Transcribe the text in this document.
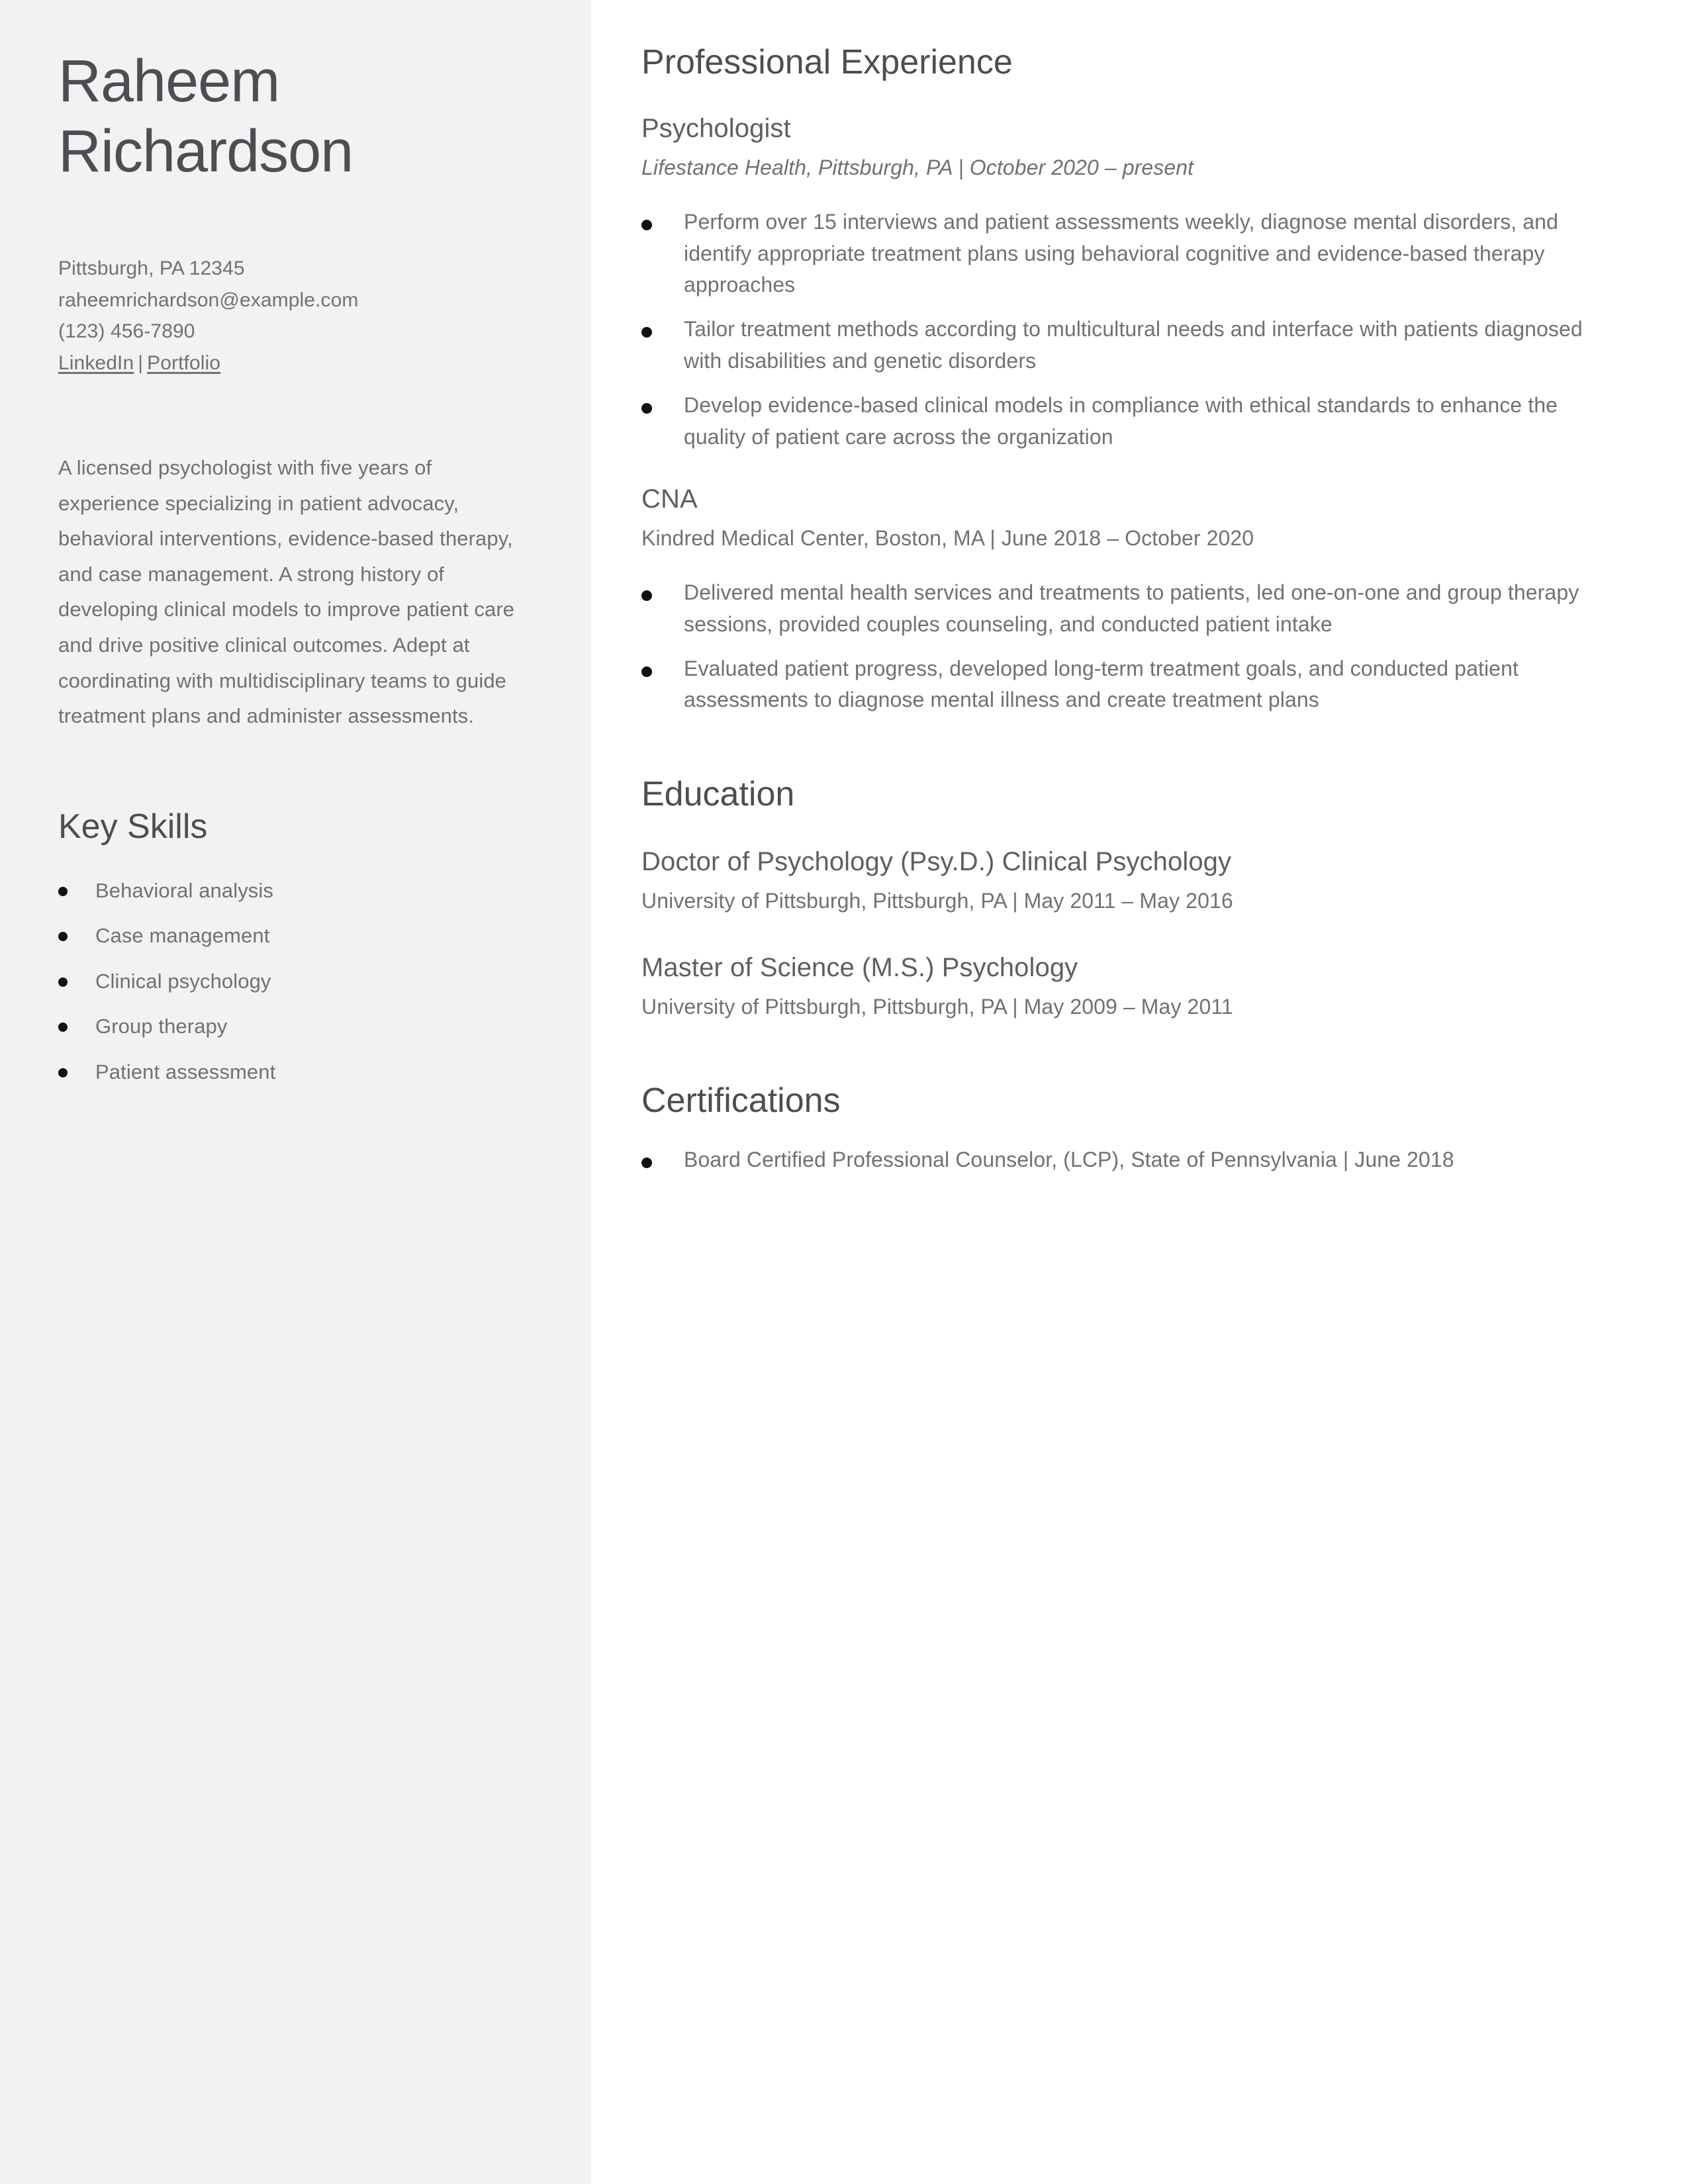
Raheem
Richardson
Pittsburgh, PA 12345
raheemrichardson@example.com
(123) 456-7890
LinkedIn | Portfolio

A licensed psychologist with five years of experience specializing in patient advocacy, behavioral interventions, evidence-based therapy, and case management. A strong history of developing clinical models to improve patient care and drive positive clinical outcomes. Adept at coordinating with multidisciplinary teams to guide treatment plans and administer assessments.

Key Skills
Behavioral analysis
Case management
Clinical psychology
Group therapy
Patient assessment
Professional Experience
Psychologist
Lifestance Health, Pittsburgh, PA | October 2020 – present
Perform over 15 interviews and patient assessments weekly, diagnose mental disorders, and identify appropriate treatment plans using behavioral cognitive and evidence-based therapy approaches
Tailor treatment methods according to multicultural needs and interface with patients diagnosed with disabilities and genetic disorders
Develop evidence-based clinical models in compliance with ethical standards to enhance the quality of patient care across the organization
CNA
Kindred Medical Center, Boston, MA | June 2018 – October 2020
Delivered mental health services and treatments to patients, led one-on-one and group therapy sessions, provided couples counseling, and conducted patient intake
Evaluated patient progress, developed long-term treatment goals, and conducted patient assessments to diagnose mental illness and create treatment plans
Education
Doctor of Psychology (Psy.D.) Clinical Psychology
University of Pittsburgh, Pittsburgh, PA | May 2011 – May 2016
Master of Science (M.S.) Psychology
University of Pittsburgh, Pittsburgh, PA | May 2009 – May 2011
Certifications
Board Certified Professional Counselor, (LCP), State of Pennsylvania | June 2018
